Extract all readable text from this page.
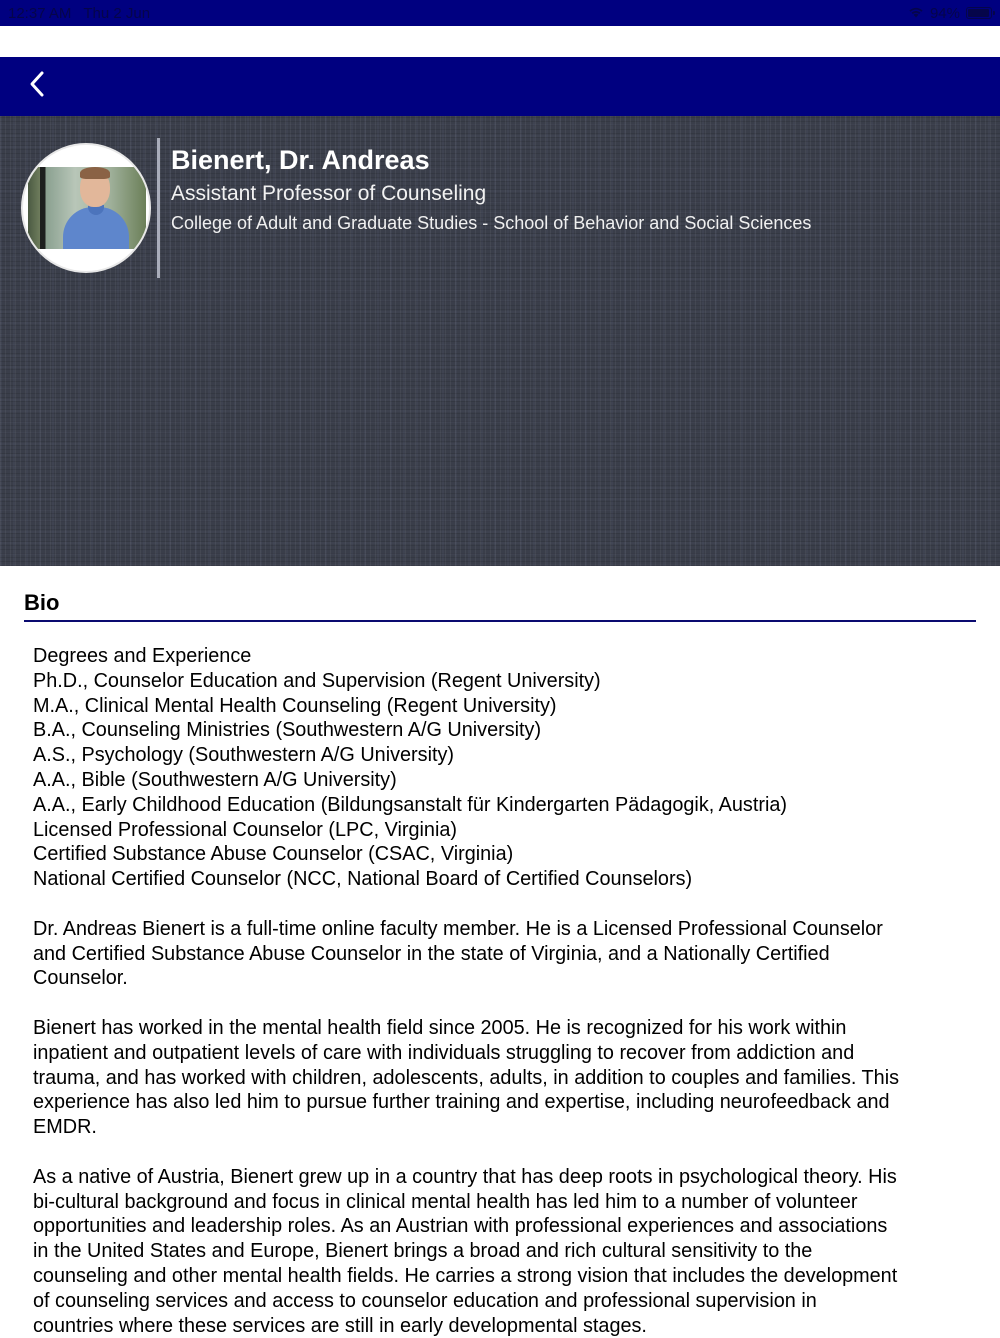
12:37 AM Thu 2 Jun	94%
Bienert, Dr. Andreas
Assistant Professor of Counseling
College of Adult and Graduate Studies - School of Behavior and Social Sciences
Bio
Degrees and Experience
Ph.D., Counselor Education and Supervision (Regent University)
M.A., Clinical Mental Health Counseling (Regent University)
B.A., Counseling Ministries (Southwestern A/G University)
A.S., Psychology (Southwestern A/G University)
A.A., Bible (Southwestern A/G University)
A.A., Early Childhood Education (Bildungsanstalt für Kindergarten Pädagogik, Austria)
Licensed Professional Counselor (LPC, Virginia)
Certified Substance Abuse Counselor (CSAC, Virginia)
National Certified Counselor (NCC, National Board of Certified Counselors)
Dr. Andreas Bienert is a full-time online faculty member. He is a Licensed Professional Counselor
and Certified Substance Abuse Counselor in the state of Virginia, and a Nationally Certified
Counselor.
Bienert has worked in the mental health field since 2005. He is recognized for his work within
inpatient and outpatient levels of care with individuals struggling to recover from addiction and
trauma, and has worked with children, adolescents, adults, in addition to couples and families. This
experience has also led him to pursue further training and expertise, including neurofeedback and
EMDR.
As a native of Austria, Bienert grew up in a country that has deep roots in psychological theory. His
bi-cultural background and focus in clinical mental health has led him to a number of volunteer
opportunities and leadership roles. As an Austrian with professional experiences and associations
in the United States and Europe, Bienert brings a broad and rich cultural sensitivity to the
counseling and other mental health fields. He carries a strong vision that includes the development
of counseling services and access to counselor education and professional supervision in
countries where these services are still in early developmental stages.
